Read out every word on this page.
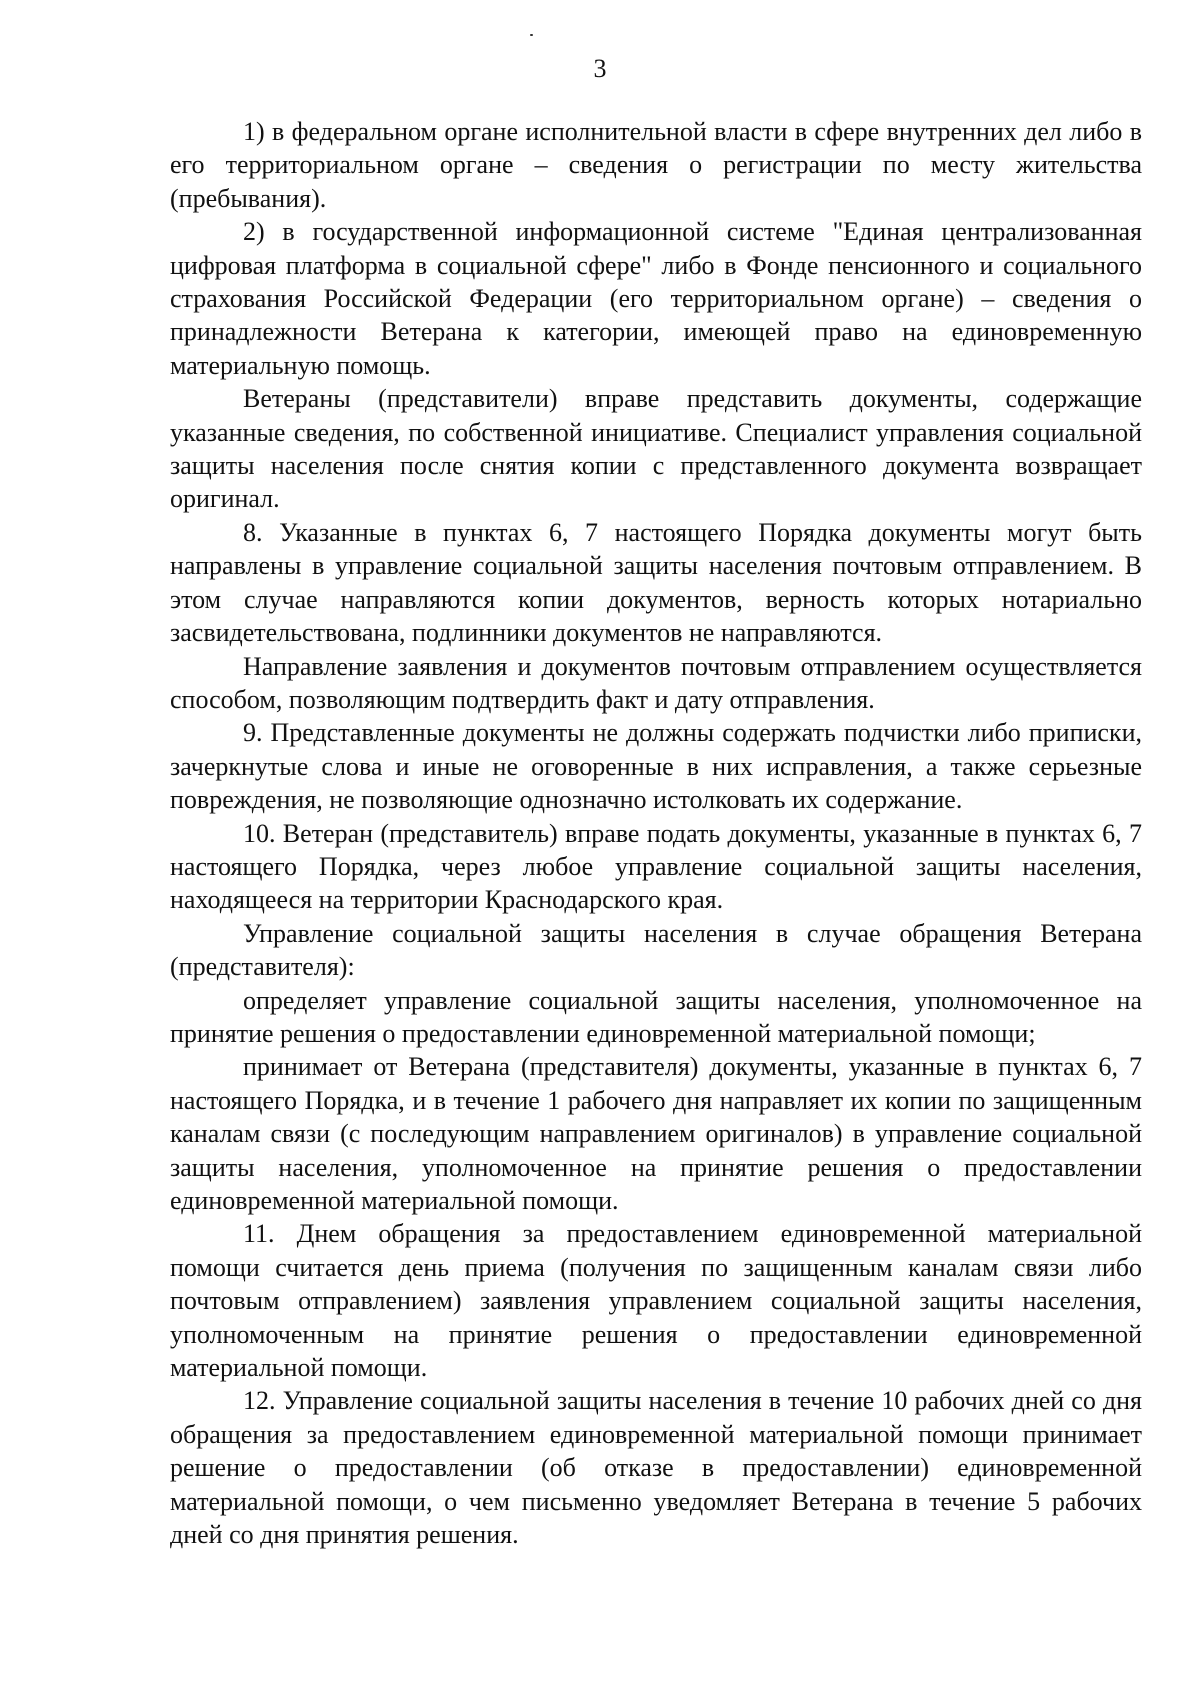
3

1) в федеральном органе исполнительной власти в сфере внутренних дел либо в его территориальном органе – сведения о регистрации по месту жительства (пребывания).

2) в государственной информационной системе "Единая централизованная цифровая платформа в социальной сфере" либо в Фонде пенсионного и социального страхования Российской Федерации (его территориальном органе) – сведения о принадлежности Ветерана к категории, имеющей право на единовременную материальную помощь.

Ветераны (представители) вправе представить документы, содержащие указанные сведения, по собственной инициативе. Специалист управления социальной защиты населения после снятия копии с представленного документа возвращает оригинал.

8. Указанные в пунктах 6, 7 настоящего Порядка документы могут быть направлены в управление социальной защиты населения почтовым отправлением. В этом случае направляются копии документов, верность которых нотариально засвидетельствована, подлинники документов не направляются.

Направление заявления и документов почтовым отправлением осуществляется способом, позволяющим подтвердить факт и дату отправления.

9. Представленные документы не должны содержать подчистки либо приписки, зачеркнутые слова и иные не оговоренные в них исправления, а также серьезные повреждения, не позволяющие однозначно истолковать их содержание.

10. Ветеран (представитель) вправе подать документы, указанные в пунктах 6, 7 настоящего Порядка, через любое управление социальной защиты населения, находящееся на территории Краснодарского края.

Управление социальной защиты населения в случае обращения Ветерана (представителя):

определяет управление социальной защиты населения, уполномоченное на принятие решения о предоставлении единовременной материальной помощи;

принимает от Ветерана (представителя) документы, указанные в пунктах 6, 7 настоящего Порядка, и в течение 1 рабочего дня направляет их копии по защищенным каналам связи (с последующим направлением оригиналов) в управление социальной защиты населения, уполномоченное на принятие решения о предоставлении единовременной материальной помощи.

11. Днем обращения за предоставлением единовременной материальной помощи считается день приема (получения по защищенным каналам связи либо почтовым отправлением) заявления управлением социальной защиты населения, уполномоченным на принятие решения о предоставлении единовременной материальной помощи.

12. Управление социальной защиты населения в течение 10 рабочих дней со дня обращения за предоставлением единовременной материальной помощи принимает решение о предоставлении (об отказе в предоставлении) единовременной материальной помощи, о чем письменно уведомляет Ветерана в течение 5 рабочих дней со дня принятия решения.
